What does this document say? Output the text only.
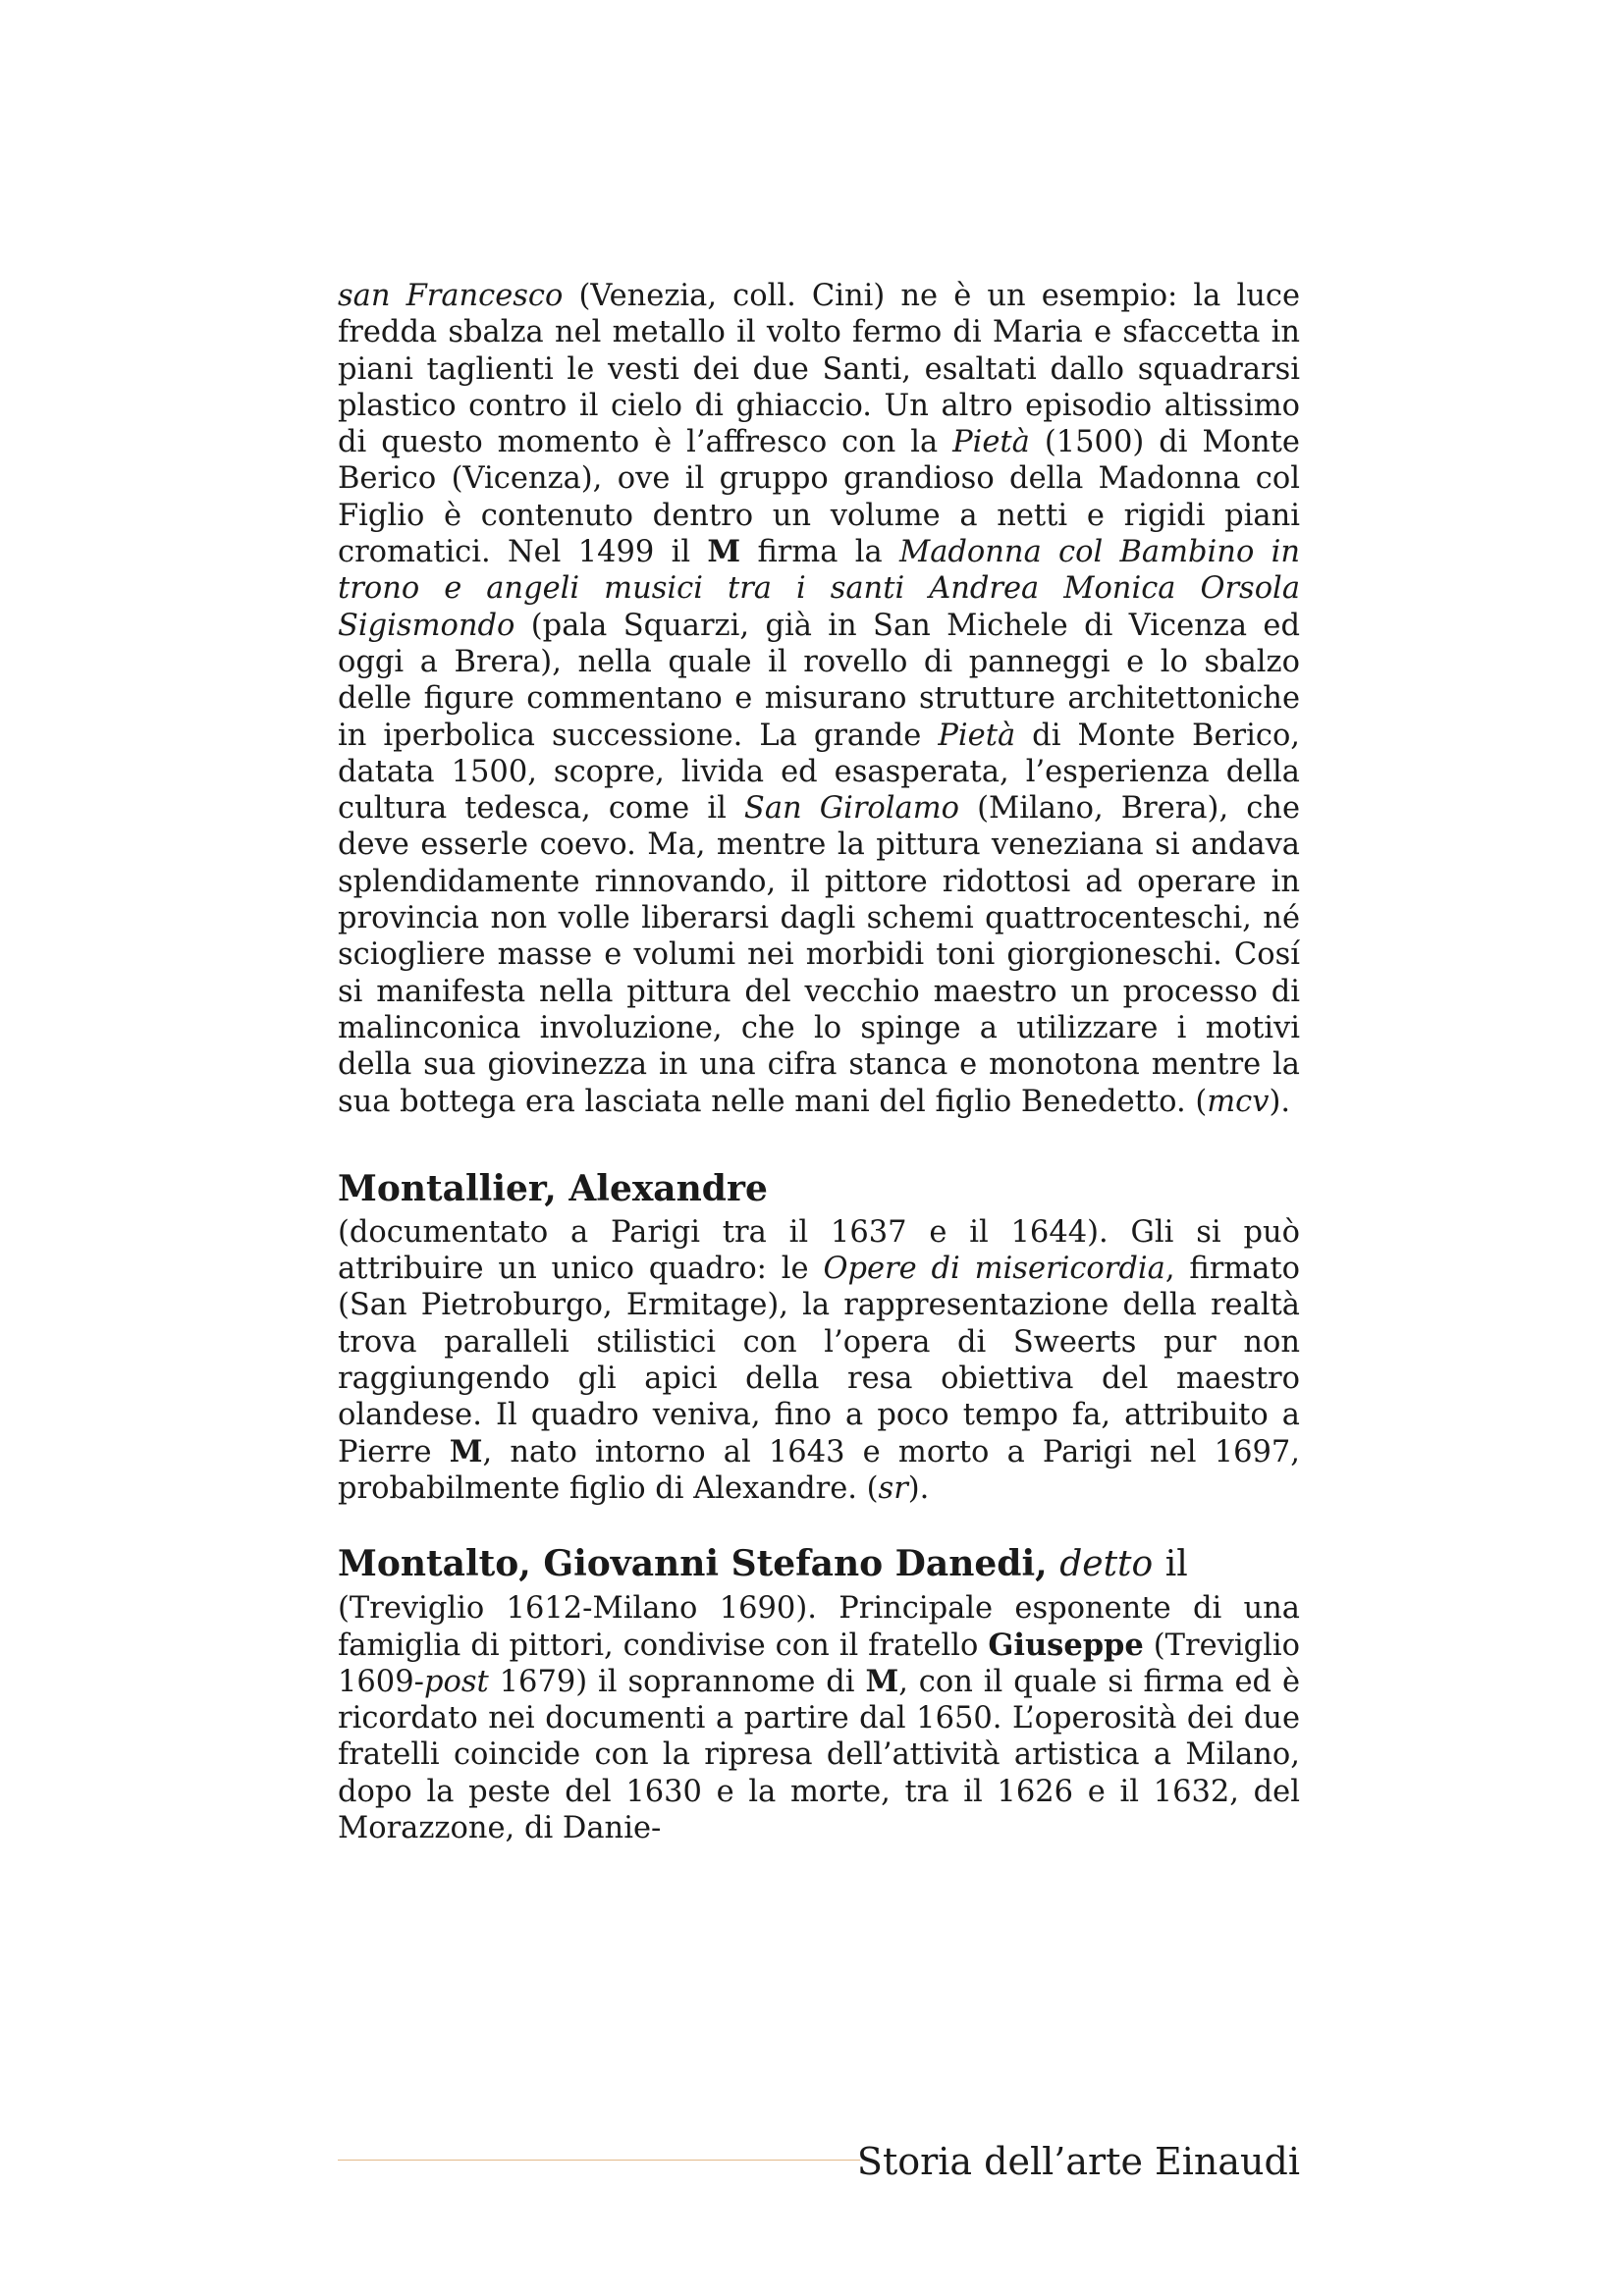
san Francesco (Venezia, coll. Cini) ne è un esempio: la luce fredda sbalza nel metallo il volto fermo di Maria e sfaccetta in piani taglienti le vesti dei due Santi, esaltati dallo squadrarsi plastico contro il cielo di ghiaccio. Un altro episodio altissimo di questo momento è l’affresco con la Pietà (1500) di Monte Berico (Vicenza), ove il gruppo grandioso della Madonna col Figlio è contenuto dentro un volume a netti e rigidi piani cromatici. Nel 1499 il M firma la Madonna col Bambino in trono e angeli musici tra i santi Andrea Monica Orsola Sigismondo (pala Squarzi, già in San Michele di Vicenza ed oggi a Brera), nella quale il rovello di panneggi e lo sbalzo delle figure commentano e misurano strutture architettoniche in iperbolica successione. La grande Pietà di Monte Berico, datata 1500, scopre, livida ed esasperata, l’esperienza della cultura tedesca, come il San Girolamo (Milano, Brera), che deve esserle coevo. Ma, mentre la pittura veneziana si andava splendidamente rinnovando, il pittore ridottosi ad operare in provincia non volle liberarsi dagli schemi quattrocenteschi, né sciogliere masse e volumi nei morbidi toni giorgioneschi. Cosí si manifesta nella pittura del vecchio maestro un processo di malinconica involuzione, che lo spinge a utilizzare i motivi della sua giovinezza in una cifra stanca e monotona mentre la sua bottega era lasciata nelle mani del figlio Benedetto. (mcv).

Montallier, Alexandre

(documentato a Parigi tra il 1637 e il 1644). Gli si può attribuire un unico quadro: le Opere di misericordia, firmato (San Pietroburgo, Ermitage), la rappresentazione della realtà trova paralleli stilistici con l’opera di Sweerts pur non raggiungendo gli apici della resa obiettiva del maestro olandese. Il quadro veniva, fino a poco tempo fa, attribuito a Pierre M, nato intorno al 1643 e morto a Parigi nel 1697, probabilmente figlio di Alexandre. (sr).

Montalto, Giovanni Stefano Danedi, detto il

(Treviglio 1612-Milano 1690). Principale esponente di una famiglia di pittori, condivise con il fratello Giuseppe (Treviglio 1609-post 1679) il soprannome di M, con il quale si firma ed è ricordato nei documenti a partire dal 1650. L’operosità dei due fratelli coincide con la ripresa dell’attività artistica a Milano, dopo la peste del 1630 e la morte, tra il 1626 e il 1632, del Morazzone, di Danie-

Storia dell’arte Einaudi
